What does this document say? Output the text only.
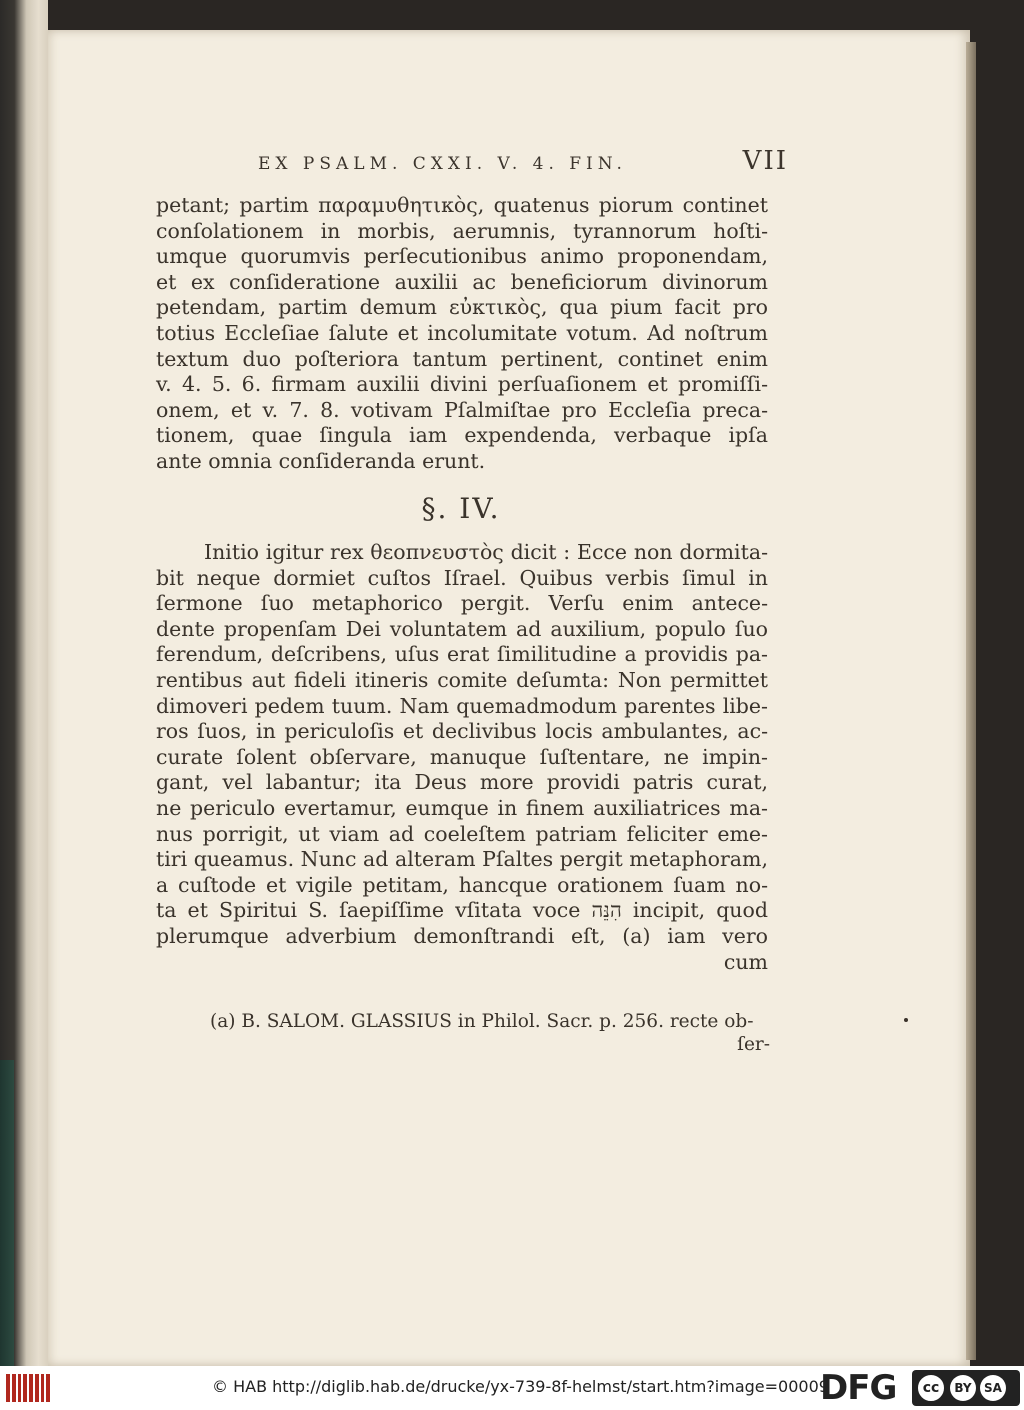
EX PSALM. CXXI. V. 4. FIN.	VII
petant; partim παραμυθητικὸς, quatenus piorum continet
conſolationem in morbis, aerumnis, tyrannorum hoſti-
umque quorumvis perſecutionibus animo proponendam,
et ex conſideratione auxilii ac beneficiorum divinorum
petendam, partim demum εὐκτικὸς, qua pium facit pro
totius Eccleſiae ſalute et incolumitate votum. Ad noſtrum
textum duo poſteriora tantum pertinent, continet enim
v. 4. 5. 6. firmam auxilii divini perſuaſionem et promiſſi-
onem, et v. 7. 8. votivam Pſalmiſtae pro Eccleſia preca-
tionem, quae ſingula iam expendenda, verbaque ipſa
ante omnia conſideranda erunt.
§. IV.
Initio igitur rex θεοπνευστὸς dicit : Ecce non dormita-
bit neque dormiet cuſtos Iſrael. Quibus verbis ſimul in
ſermone ſuo metaphorico pergit. Verſu enim antece-
dente propenſam Dei voluntatem ad auxilium, populo ſuo
ferendum, deſcribens, uſus erat ſimilitudine a providis pa-
rentibus aut fideli itineris comite deſumta: Non permittet
dimoveri pedem tuum. Nam quemadmodum parentes libe-
ros ſuos, in periculoſis et declivibus locis ambulantes, ac-
curate ſolent obſervare, manuque ſuſtentare, ne impin-
gant, vel labantur; ita Deus more providi patris curat,
ne periculo evertamur, eumque in finem auxiliatrices ma-
nus porrigit, ut viam ad coeleſtem patriam feliciter eme-
tiri queamus. Nunc ad alteram Pſaltes pergit metaphoram,
a cuſtode et vigile petitam, hancque orationem ſuam no-
ta et Spiritui S. ſaepiſſime vſitata voce הִנֵּה incipit, quod
plerumque adverbium demonſtrandi eſt, (a) iam vero
cum
(a) B. SALOM. GLASSIUS in Philol. Sacr. p. 256. recte ob-
ſer-
© HAB http://diglib.hab.de/drucke/yx-739-8f-helmst/start.htm?image=00009
DFG	cc	BY	SA
